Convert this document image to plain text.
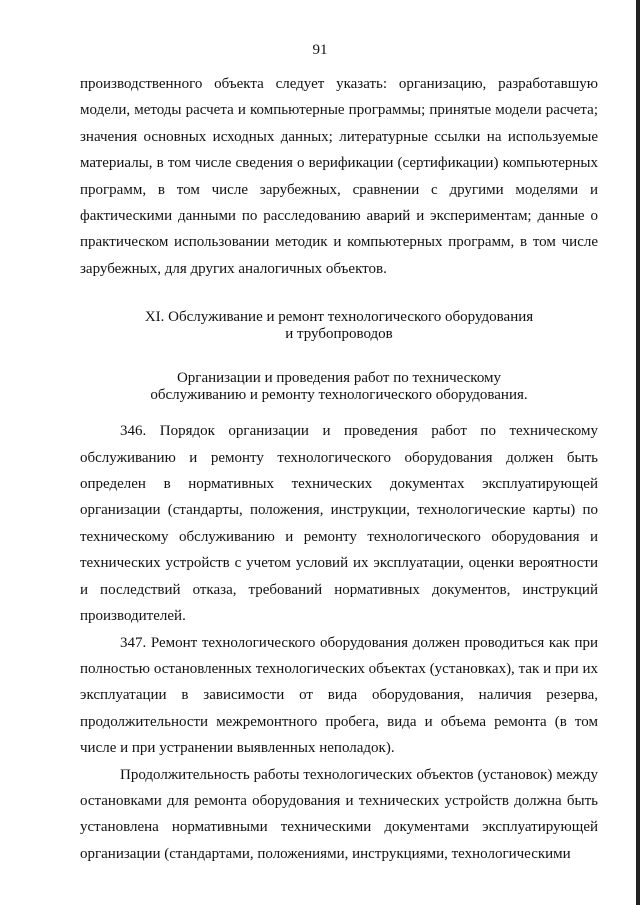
91

производственного объекта следует указать: организацию, разработавшую модели, методы расчета и компьютерные программы; принятые модели расчета; значения основных исходных данных; литературные ссылки на используемые материалы, в том числе сведения о верификации (сертификации) компьютерных программ, в том числе зарубежных, сравнении с другими моделями и фактическими данными по расследованию аварий и экспериментам; данные о практическом использовании методик и компьютерных программ, в том числе зарубежных, для других аналогичных объектов.

XI. Обслуживание и ремонт технологического оборудования
и трубопроводов
Организации и проведения работ по техническому
обслуживанию и ремонту технологического оборудования.

346. Порядок организации и проведения работ по техническому обслуживанию и ремонту технологического оборудования должен быть определен в нормативных технических документах эксплуатирующей организации (стандарты, положения, инструкции, технологические карты) по техническому обслуживанию и ремонту технологического оборудования и технических устройств с учетом условий их эксплуатации, оценки вероятности и последствий отказа, требований нормативных документов, инструкций производителей.

347. Ремонт технологического оборудования должен проводиться как при полностью остановленных технологических объектах (установках), так и при их эксплуатации в зависимости от вида оборудования, наличия резерва, продолжительности межремонтного пробега, вида и объема ремонта (в том числе и при устранении выявленных неполадок).

Продолжительность работы технологических объектов (установок) между остановками для ремонта оборудования и технических устройств должна быть установлена нормативными техническими документами эксплуатирующей организации (стандартами, положениями, инструкциями, технологическими
